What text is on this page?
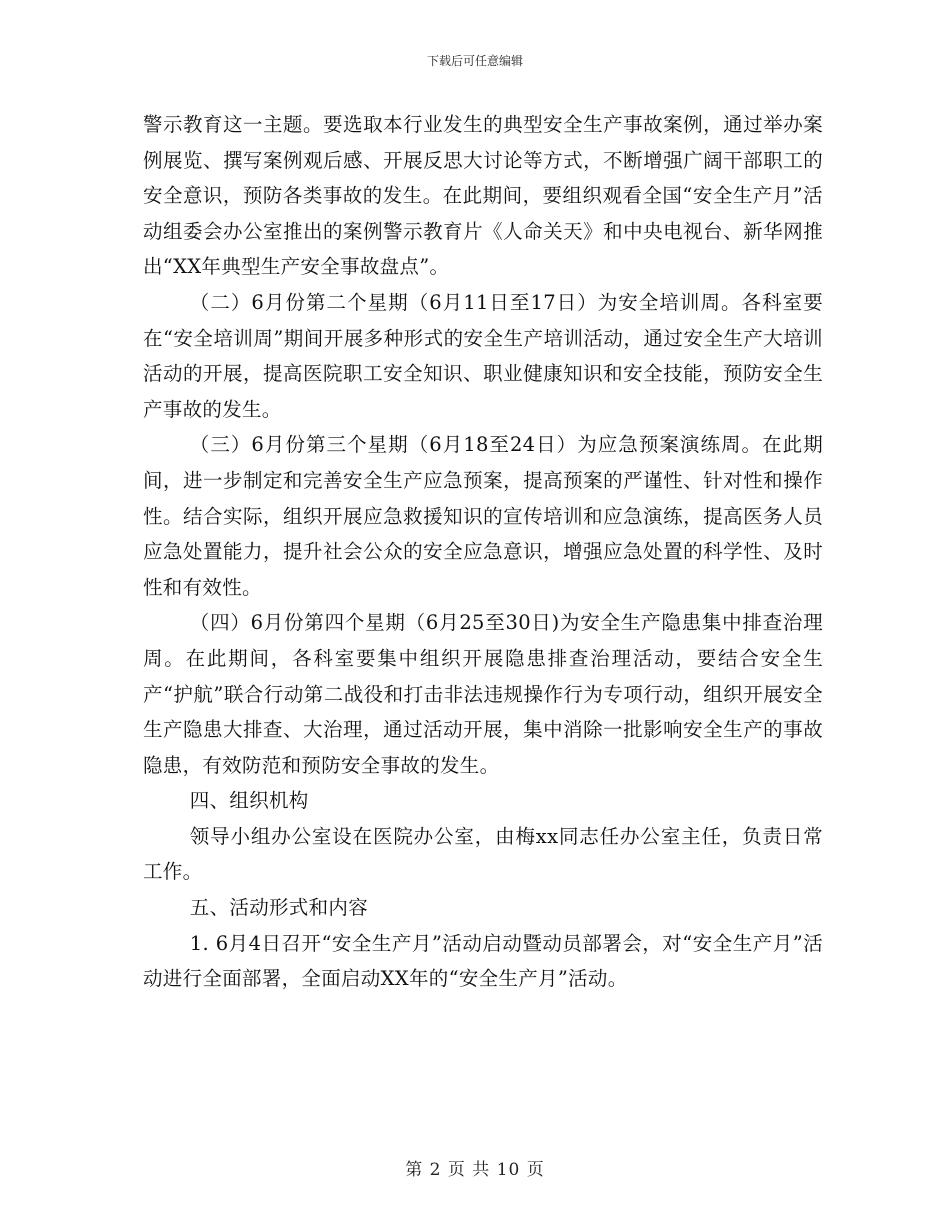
下载后可任意编辑

警示教育这一主题。要选取本行业发生的典型安全生产事故案例，通过举办案例展览、撰写案例观后感、开展反思大讨论等方式，不断增强广阔干部职工的安全意识，预防各类事故的发生。在此期间，要组织观看全国“安全生产月”活动组委会办公室推出的案例警示教育片《人命关天》和中央电视台、新华网推出“XX年典型生产安全事故盘点”。

（二）6月份第二个星期（6月11日至17日）为安全培训周。各科室要在“安全培训周”期间开展多种形式的安全生产培训活动，通过安全生产大培训活动的开展，提高医院职工安全知识、职业健康知识和安全技能，预防安全生产事故的发生。

（三）6月份第三个星期（6月18至24日）为应急预案演练周。在此期间，进一步制定和完善安全生产应急预案，提高预案的严谨性、针对性和操作性。结合实际，组织开展应急救援知识的宣传培训和应急演练，提高医务人员应急处置能力，提升社会公众的安全应急意识，增强应急处置的科学性、及时性和有效性。

（四）6月份第四个星期（6月25至30日)为安全生产隐患集中排查治理周。在此期间，各科室要集中组织开展隐患排查治理活动，要结合安全生产“护航”联合行动第二战役和打击非法违规操作行为专项行动，组织开展安全生产隐患大排查、大治理，通过活动开展，集中消除一批影响安全生产的事故隐患，有效防范和预防安全事故的发生。

四、组织机构

领导小组办公室设在医院办公室，由梅xx同志任办公室主任，负责日常工作。

五、活动形式和内容

1. 6月4日召开“安全生产月”活动启动暨动员部署会，对“安全生产月”活动进行全面部署，全面启动XX年的“安全生产月”活动。

第 2 页 共 10 页
